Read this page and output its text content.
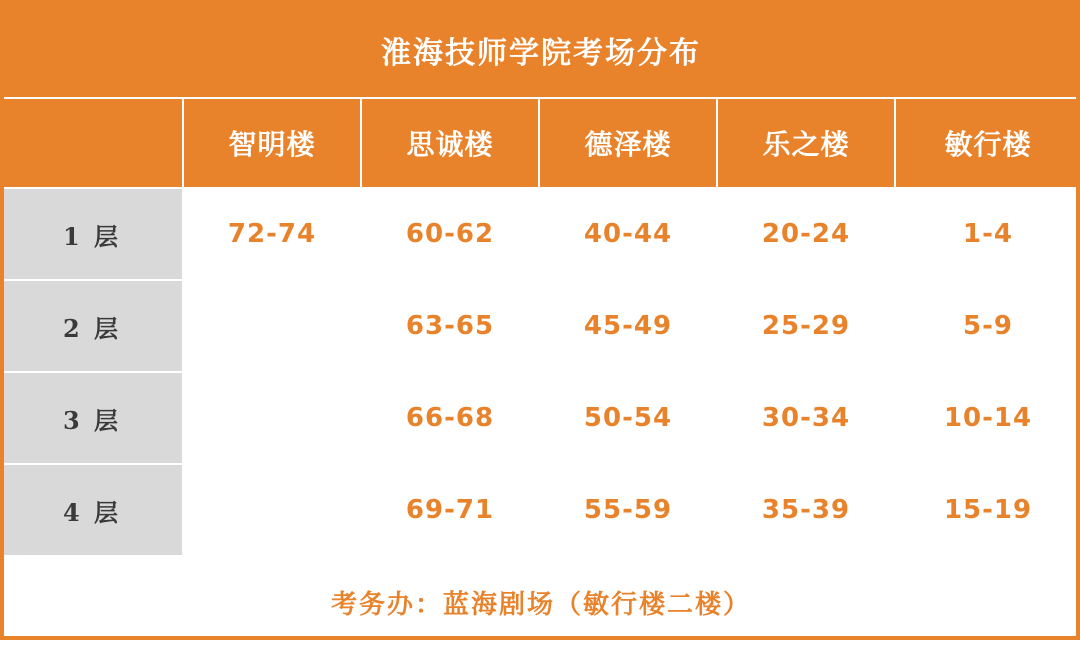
淮海技师学院考场分布					
	智明楼	思诚楼	德泽楼	乐之楼	敏行楼
1 层	72-74	60-62	40-44	20-24	1-4
2 层		63-65	45-49	25-29	5-9
3 层		66-68	50-54	30-34	10-14
4 层		69-71	55-59	35-39	15-19
考务办：蓝海剧场（敏行楼二楼）					
